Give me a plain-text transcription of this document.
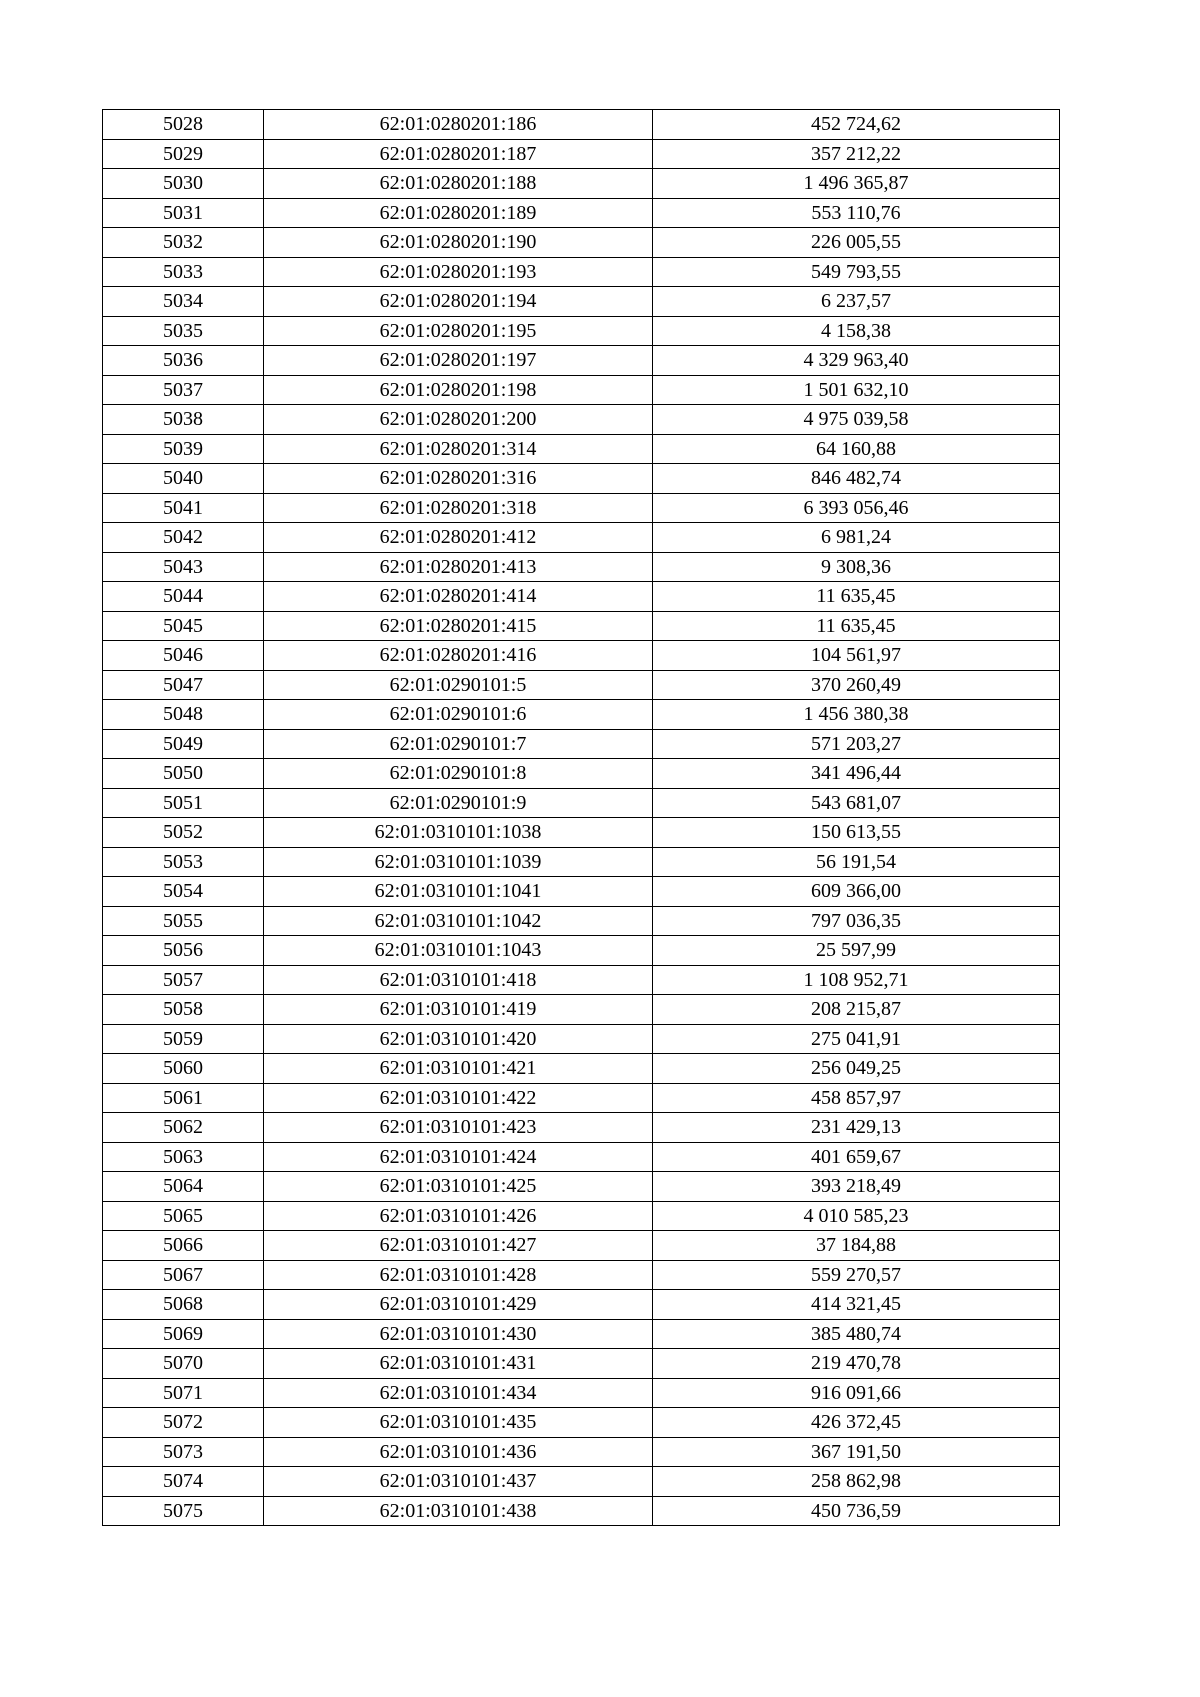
5028	62:01:0280201:186	452 724,62
5029	62:01:0280201:187	357 212,22
5030	62:01:0280201:188	1 496 365,87
5031	62:01:0280201:189	553 110,76
5032	62:01:0280201:190	226 005,55
5033	62:01:0280201:193	549 793,55
5034	62:01:0280201:194	6 237,57
5035	62:01:0280201:195	4 158,38
5036	62:01:0280201:197	4 329 963,40
5037	62:01:0280201:198	1 501 632,10
5038	62:01:0280201:200	4 975 039,58
5039	62:01:0280201:314	64 160,88
5040	62:01:0280201:316	846 482,74
5041	62:01:0280201:318	6 393 056,46
5042	62:01:0280201:412	6 981,24
5043	62:01:0280201:413	9 308,36
5044	62:01:0280201:414	11 635,45
5045	62:01:0280201:415	11 635,45
5046	62:01:0280201:416	104 561,97
5047	62:01:0290101:5	370 260,49
5048	62:01:0290101:6	1 456 380,38
5049	62:01:0290101:7	571 203,27
5050	62:01:0290101:8	341 496,44
5051	62:01:0290101:9	543 681,07
5052	62:01:0310101:1038	150 613,55
5053	62:01:0310101:1039	56 191,54
5054	62:01:0310101:1041	609 366,00
5055	62:01:0310101:1042	797 036,35
5056	62:01:0310101:1043	25 597,99
5057	62:01:0310101:418	1 108 952,71
5058	62:01:0310101:419	208 215,87
5059	62:01:0310101:420	275 041,91
5060	62:01:0310101:421	256 049,25
5061	62:01:0310101:422	458 857,97
5062	62:01:0310101:423	231 429,13
5063	62:01:0310101:424	401 659,67
5064	62:01:0310101:425	393 218,49
5065	62:01:0310101:426	4 010 585,23
5066	62:01:0310101:427	37 184,88
5067	62:01:0310101:428	559 270,57
5068	62:01:0310101:429	414 321,45
5069	62:01:0310101:430	385 480,74
5070	62:01:0310101:431	219 470,78
5071	62:01:0310101:434	916 091,66
5072	62:01:0310101:435	426 372,45
5073	62:01:0310101:436	367 191,50
5074	62:01:0310101:437	258 862,98
5075	62:01:0310101:438	450 736,59
